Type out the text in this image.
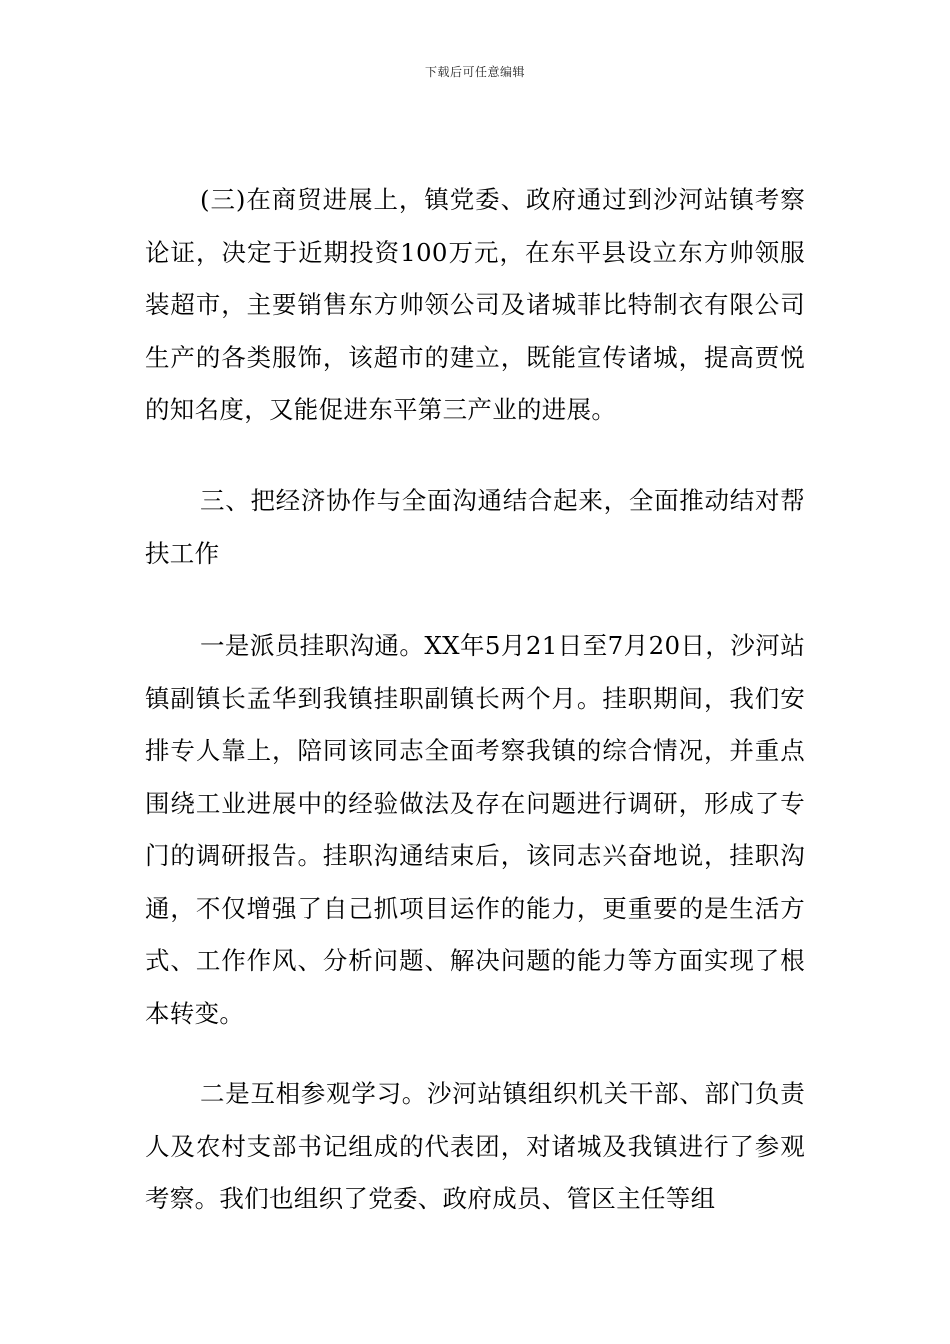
下载后可任意编辑

(三)在商贸进展上，镇党委、政府通过到沙河站镇考察论证，决定于近期投资100万元，在东平县设立东方帅领服装超市，主要销售东方帅领公司及诸城菲比特制衣有限公司生产的各类服饰，该超市的建立，既能宣传诸城，提高贾悦的知名度，又能促进东平第三产业的进展。

三、把经济协作与全面沟通结合起来，全面推动结对帮扶工作

一是派员挂职沟通。XX年5月21日至7月20日，沙河站镇副镇长孟华到我镇挂职副镇长两个月。挂职期间，我们安排专人靠上，陪同该同志全面考察我镇的综合情况，并重点围绕工业进展中的经验做法及存在问题进行调研，形成了专门的调研报告。挂职沟通结束后，该同志兴奋地说，挂职沟通，不仅增强了自己抓项目运作的能力，更重要的是生活方式、工作作风、分析问题、解决问题的能力等方面实现了根本转变。

二是互相参观学习。沙河站镇组织机关干部、部门负责人及农村支部书记组成的代表团，对诸城及我镇进行了参观考察。我们也组织了党委、政府成员、管区主任等组
